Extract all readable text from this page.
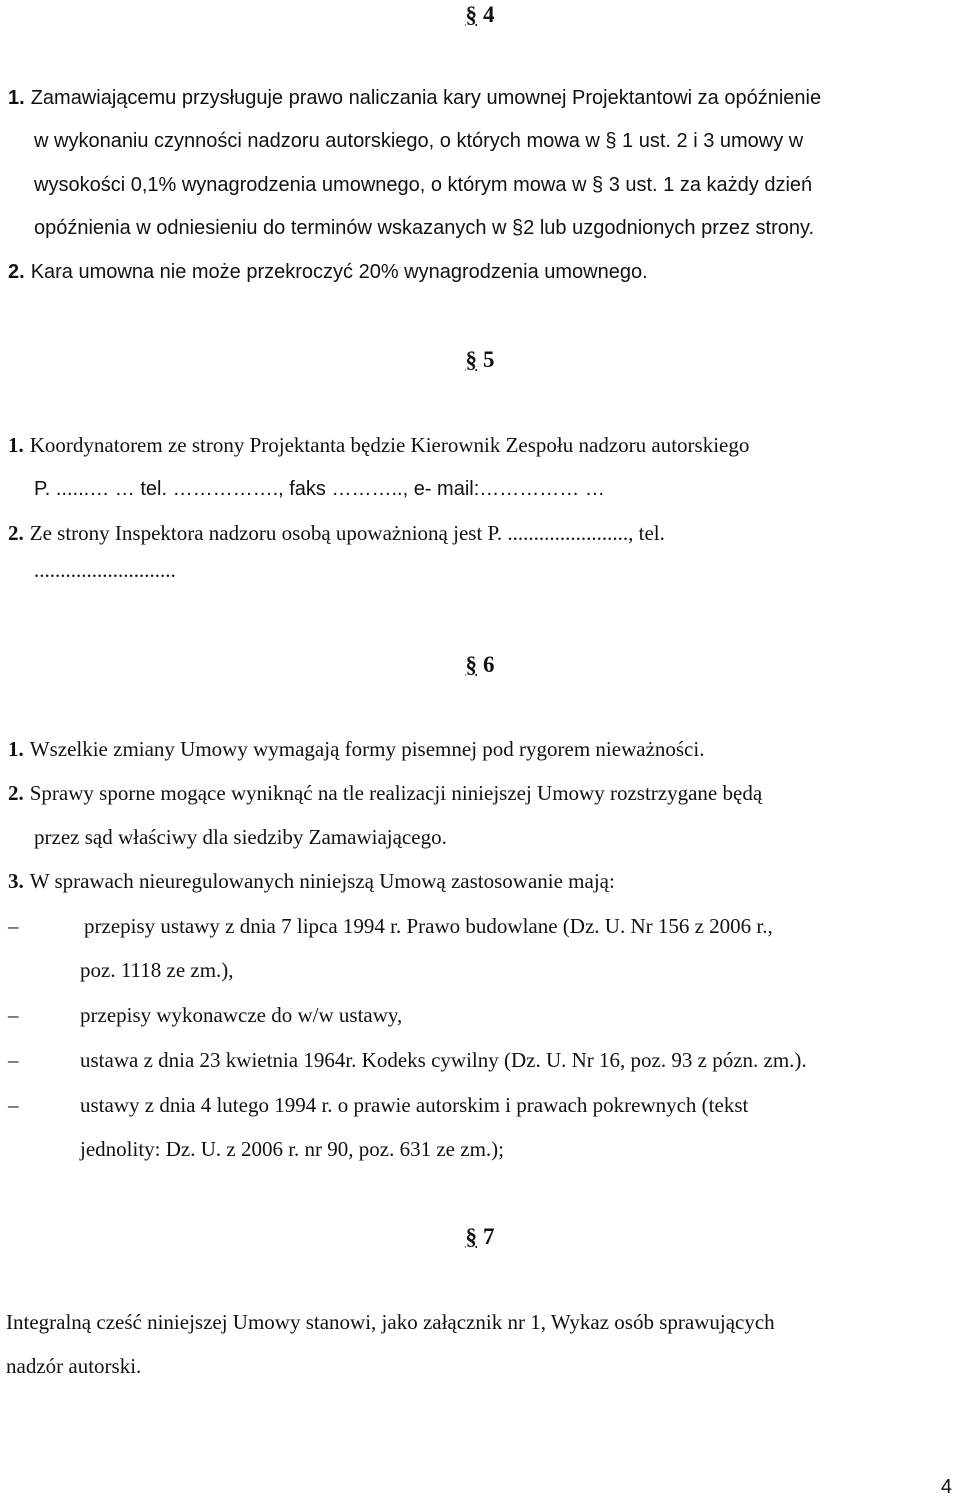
§ 4
1. Zamawiającemu przysługuje prawo naliczania kary umownej Projektantowi za opóźnienie
w wykonaniu czynności nadzoru autorskiego, o których mowa w § 1 ust. 2 i 3 umowy w
wysokości 0,1% wynagrodzenia umownego, o którym mowa w § 3 ust. 1 za każdy dzień
opóźnienia w odniesieniu do terminów wskazanych w §2 lub uzgodnionych przez strony.
2. Kara umowna nie może przekroczyć 20% wynagrodzenia umownego.
§ 5
1. Koordynatorem ze strony Projektanta będzie Kierownik Zespołu nadzoru autorskiego
P. ......… … tel. ……………., faks ……….., e- mail:…………… …
2. Ze strony Inspektora nadzoru osobą upoważnioną jest P. ......................., tel.
...........................
§ 6
1. Wszelkie zmiany Umowy wymagają formy pisemnej pod rygorem nieważności.
2. Sprawy sporne mogące wyniknąć na tle realizacji niniejszej Umowy rozstrzygane będą
przez sąd właściwy dla siedziby Zamawiającego.
3. W sprawach nieuregulowanych niniejszą Umową zastosowanie mają:
–	przepisy ustawy z dnia 7 lipca 1994 r. Prawo budowlane (Dz. U. Nr 156 z 2006 r.,
poz. 1118 ze zm.),
–	przepisy wykonawcze do w/w ustawy,
–	ustawa z dnia 23 kwietnia 1964r. Kodeks cywilny (Dz. U. Nr 16, poz. 93 z pózn. zm.).
–	ustawy z dnia 4 lutego 1994 r. o prawie autorskim i prawach pokrewnych (tekst
jednolity: Dz. U. z 2006 r. nr 90, poz. 631 ze zm.);
§ 7
Integralną cześć niniejszej Umowy stanowi, jako załącznik nr 1, Wykaz osób sprawujących
nadzór autorski.
4
